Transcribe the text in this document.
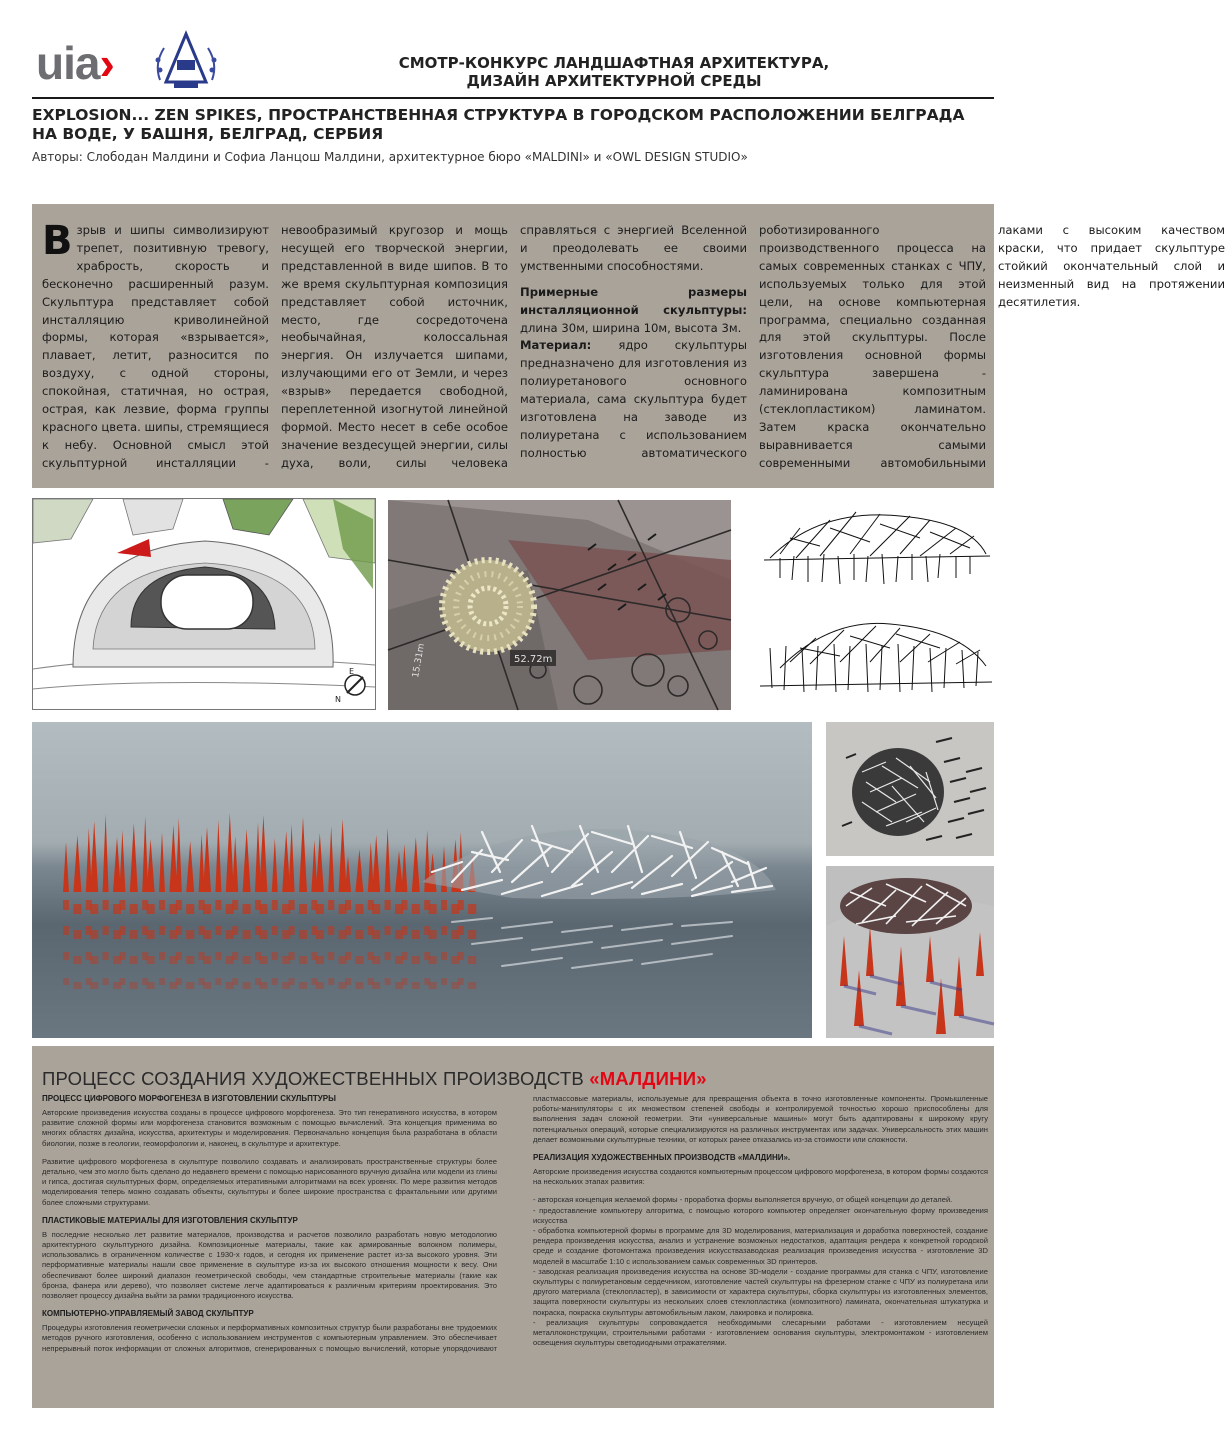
uia›	СМОТР-КОНКУРС ЛАНДШАФТНАЯ АРХИТЕКТУРА,
ДИЗАЙН АРХИТЕКТУРНОЙ СРЕДЫ
EXPLOSION... ZEN SPIKES, ПРОСТРАНСТВЕННАЯ СТРУКТУРА В ГОРОДСКОМ РАСПОЛОЖЕНИИ БЕЛГРАДА НА ВОДЕ, У БАШНЯ, БЕЛГРАД, СЕРБИЯ
Авторы: Слободан Малдини и Софиа Ланцош Малдини, архитектурное бюро «MALDINI» и «OWL DESIGN STUDIO»

Взрыв и шипы символизируют трепет, позитивную тревогу, храбрость, скорость и бесконечно расширенный разум. Скульптура представляет собой инсталляцию криволинейной формы, которая «взрывается», плавает, летит, разносится по воздуху, с одной стороны, спокойная, статичная, но острая, острая, как лезвие, форма группы красного цвета. шипы, стремящиеся к небу. Основной смысл этой скульптурной инсталляции - невообразимый кругозор и мощь несущей его творческой энергии, представленной в виде шипов. В то же время скульптурная композиция представляет собой источник, место, где сосредоточена необычайная, колоссальная энергия. Он излучается шипами, излучающими его от Земли, и через «взрыв» передается свободной, переплетенной изогнутой линейной формой. Место несет в себе особое значение вездесущей энергии, силы духа, воли, силы человека справляться с энергией Вселенной и преодолевать ее своими умственными способностями.

Примерные размеры инсталляционной скульптуры: длина 30м, ширина 10м, высота 3м.
Материал: ядро скульптуры предназначено для изготовления из полиуретанового основного материала, сама скульптура будет изготовлена на заводе из полиуретана с использованием полностью автоматического роботизированного производственного процесса на самых современных станках с ЧПУ, используемых только для этой цели, на основе компьютерная программа, специально созданная для этой скульптуры. После изготовления основной формы скульптура завершена - ламинирована композитным (стеклопластиком) ламинатом. Затем краска окончательно выравнивается самыми современными автомобильными лаками с высоким качеством краски, что придает скульптуре стойкий окончательный слой и неизменный вид на протяжении десятилетия.

N
E
52.72m
15.31m
ПРОЦЕСС СОЗДАНИЯ ХУДОЖЕСТВЕННЫХ ПРОИЗВОДСТВ «МАЛДИНИ»
ПРОЦЕСС ЦИФРОВОГО МОРФОГЕНЕЗА В ИЗГОТОВЛЕНИИ СКУЛЬПТУРЫ

Авторские произведения искусства созданы в процессе цифрового морфогенеза. Это тип генеративного искусства, в котором развитие сложной формы или морфогенеза становится возможным с помощью вычислений. Эта концепция применима во многих областях дизайна, искусства, архитектуры и моделирования. Первоначально концепция была разработана в области биологии, позже в геологии, геоморфологии и, наконец, в скульптуре и архитектуре.

Развитие цифрового морфогенеза в скульптуре позволило создавать и анализировать пространственные структуры более детально, чем это могло быть сделано до недавнего времени с помощью нарисованного вручную дизайна или модели из глины и гипса, достигая скульптурных форм, определяемых итеративными алгоритмами на всех уровнях. По мере развития методов моделирования теперь можно создавать объекты, скульптуры и более широкие пространства с фрактальными или другими более сложными структурами.

ПЛАСТИКОВЫЕ МАТЕРИАЛЫ ДЛЯ ИЗГОТОВЛЕНИЯ СКУЛЬПТУР

В последние несколько лет развитие материалов, производства и расчетов позволило разработать новую методологию архитектурного скульптурного дизайна. Композиционные материалы, такие как армированные волокном полимеры, использовались в ограниченном количестве с 1930-х годов, и сегодня их применение растет из-за высокого уровня. Эти перформативные материалы нашли свое применение в скульптуре из-за их высокого отношения мощности к весу. Они обеспечивают более широкий диапазон геометрической свободы, чем стандартные строительные материалы (такие как бронза, фанера или дерево), что позволяет системе легче адаптироваться к различным критериям проектирования. Это позволяет процессу дизайна выйти за рамки традиционного искусства.

КОМПЬЮТЕРНО-УПРАВЛЯЕМЫЙ ЗАВОД СКУЛЬПТУР

Процедуры изготовления геометрически сложных и перформативных композитных структур были разработаны вне трудоемких методов ручного изготовления, особенно с использованием инструментов с компьютерным управлением. Это обеспечивает непрерывный поток информации от сложных алгоритмов, сгенерированных с помощью вычислений, которые упорядочивают пластмассовые материалы, используемые для превращения объекта в точно изготовленные компоненты. Промышленные роботы-манипуляторы с их множеством степеней свободы и контролируемой точностью хорошо приспособлены для выполнения задач сложной геометрии. Эти «универсальные машины» могут быть адаптированы к широкому кругу потенциальных операций, которые специализируются на различных инструментах или задачах. Универсальность этих машин делает возможными скульптурные техники, от которых ранее отказались из-за стоимости или сложности.

РЕАЛИЗАЦИЯ ХУДОЖЕСТВЕННЫХ ПРОИЗВОДСТВ «МАЛДИНИ».

Авторские произведения искусства создаются компьютерным процессом цифрового морфогенеза, в котором формы создаются на нескольких этапах развития:

- авторская концепция желаемой формы - проработка формы выполняется вручную, от общей концепции до деталей.
- предоставление компьютеру алгоритма, с помощью которого компьютер определяет окончательную форму произведения искусства
- обработка компьютерной формы в программе для 3D моделирования, материализация и доработка поверхностей, создание рендера произведения искусства, анализ и устранение возможных недостатков, адаптация рендера к конкретной городской среде и создание фотомонтажа произведения искусствазаводская реализация произведения искусства - изготовление 3D моделей в масштабе 1:10 с использованием самых современных 3D принтеров.
- заводская реализация произведения искусства на основе 3D-модели - создание программы для станка с ЧПУ, изготовление скульптуры с полиуретановым сердечником, изготовление частей скульптуры на фрезерном станке с ЧПУ из полиуретана или другого материала (стеклопластер), в зависимости от характера скульптуры, сборка скульптуры из изготовленных элементов, защита поверхности скульптуры из нескольких слоев стеклопластика (композитного) ламината, окончательная штукатурка и покраска, покраска скульптуры автомобильным лаком, лакировка и полировка.
- реализация скульптуры сопровождается необходимыми слесарными работами - изготовлением несущей металлоконструкции, строительными работами - изготовлением основания скульптуры, электромонтажом - изготовлением освещения скульптуры светодиодными отражателями.
